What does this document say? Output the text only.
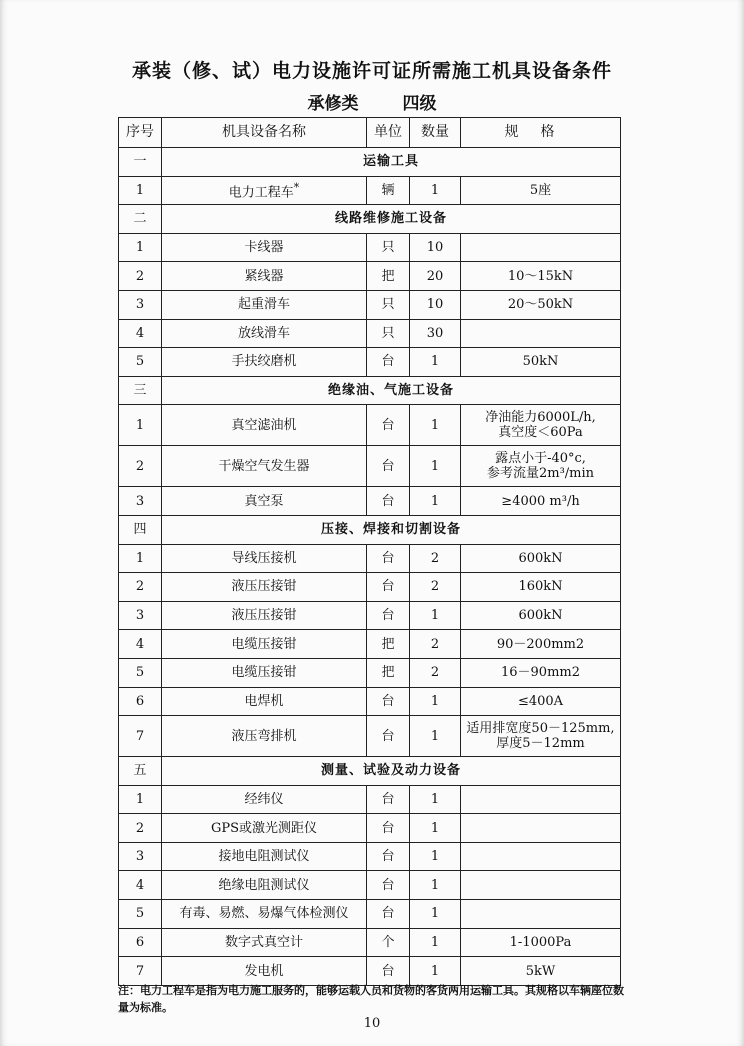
承装（修、试）电力设施许可证所需施工机具设备条件
承修类	四级
序号	机具设备名称	单位	数量	规格
一	运输工具			
1	电力工程车*	辆	1	5座

二	线路维修施工设备			
1	卡线器	只	10	

2	紧线器	把	20	10～15kN

3	起重滑车	只	10	20～50kN

4	放线滑车	只	30	

5	手扶绞磨机	台	1	50kN

三	绝缘油、气施工设备			
1	真空滤油机	台	1	净油能力6000L/h,
真空度＜60Pa

2	干燥空气发生器	台	1	露点小于-40°c,
参考流量2m³/min

3	真空泵	台	1	≥4000 m³/h

四	压接、焊接和切割设备			
1	导线压接机	台	2	600kN

2	液压压接钳	台	2	160kN

3	液压压接钳	台	1	600kN

4	电缆压接钳	把	2	90－200mm2

5	电缆压接钳	把	2	16－90mm2

6	电焊机	台	1	≤400A

7	液压弯排机	台	1	适用排宽度50－125mm,
厚度5－12mm

五	测量、试验及动力设备			
1	经纬仪	台	1	

2	GPS或激光测距仪	台	1	

3	接地电阻测试仪	台	1	

4	绝缘电阻测试仪	台	1	

5	有毒、易燃、易爆气体检测仪	台	1	

6	数字式真空计	个	1	1-1000Pa

7	发电机	台	1	5kW
注：电力工程车是指为电力施工服务的，能够运载人员和货物的客货两用运输工具。其规格以车辆座位数量为标准。
10
